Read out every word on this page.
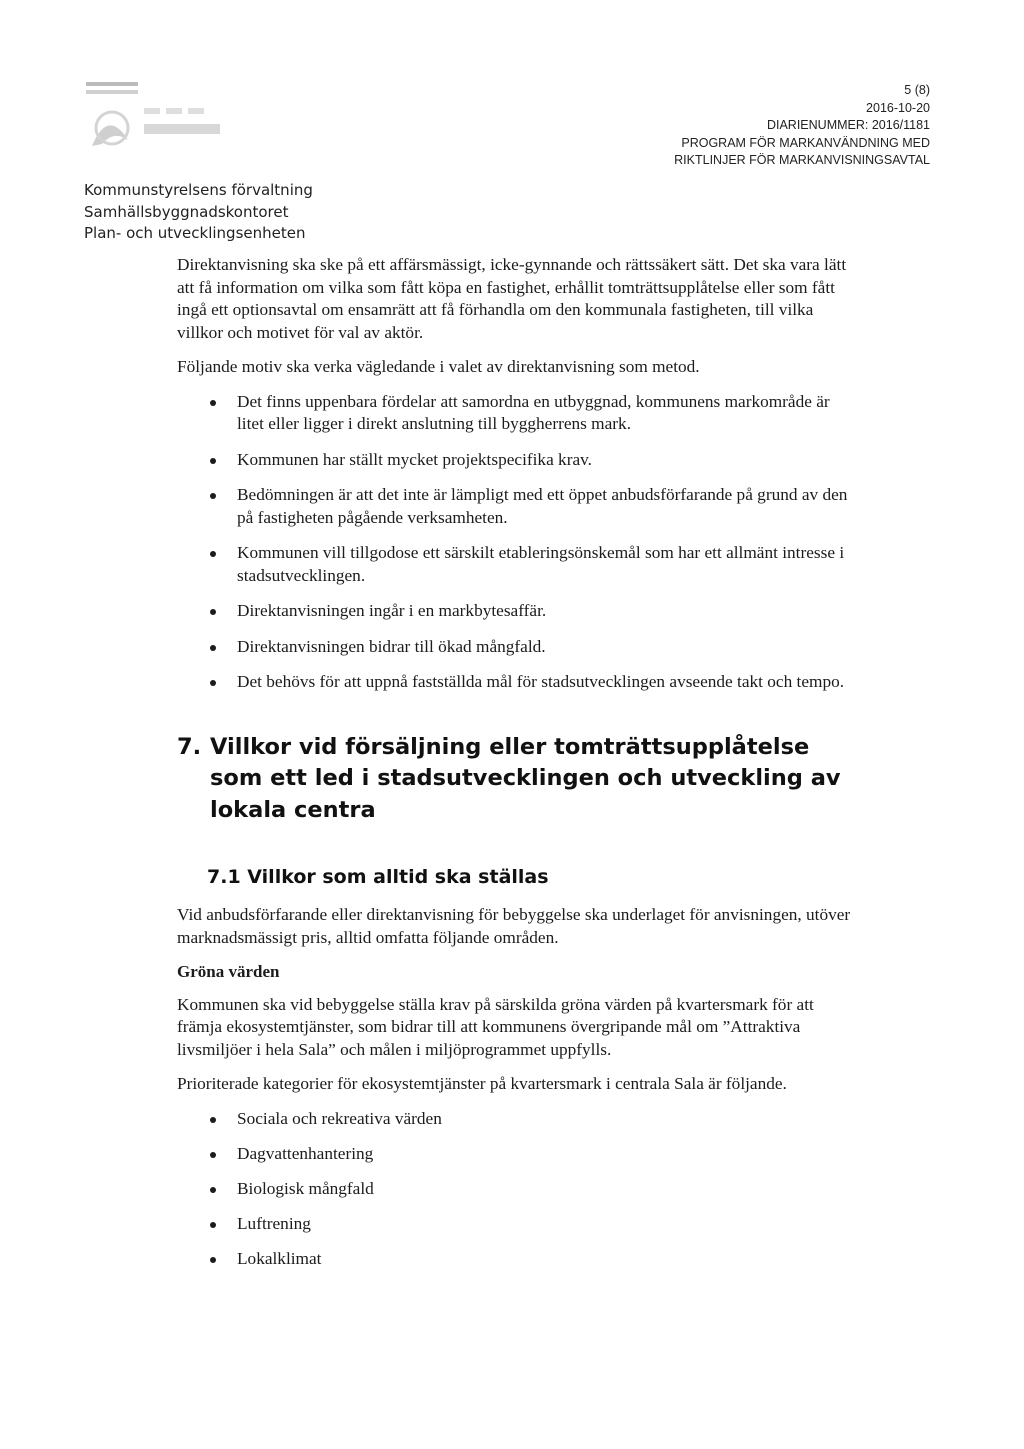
5 (8)
2016-10-20
DIARIENUMMER: 2016/1181
PROGRAM FÖR MARKANVÄNDNING MED
RIKTLINJER FÖR MARKANVISNINGSAVTAL
Kommunstyrelsens förvaltning
Samhällsbyggnadskontoret
Plan- och utvecklingsenheten

Direktanvisning ska ske på ett affärsmässigt, icke-gynnande och rättssäkert sätt. Det ska vara lätt att få information om vilka som fått köpa en fastighet, erhållit tomträttsupplåtelse eller som fått ingå ett optionsavtal om ensamrätt att få förhandla om den kommunala fastigheten, till vilka villkor och motivet för val av aktör.

Följande motiv ska verka vägledande i valet av direktanvisning som metod.

Det finns uppenbara fördelar att samordna en utbyggnad, kommunens markområde är litet eller ligger i direkt anslutning till byggherrens mark.
Kommunen har ställt mycket projektspecifika krav.
Bedömningen är att det inte är lämpligt med ett öppet anbudsförfarande på grund av den på fastigheten pågående verksamheten.
Kommunen vill tillgodose ett särskilt etableringsönskemål som har ett allmänt intresse i stadsutvecklingen.
Direktanvisningen ingår i en markbytesaffär.
Direktanvisningen bidrar till ökad mångfald.
Det behövs för att uppnå fastställda mål för stadsutvecklingen avseende takt och tempo.
7. Villkor vid försäljning eller tomträttsupplåtelse som ett led i stadsutvecklingen och utveckling av lokala centra
7.1 Villkor som alltid ska ställas

Vid anbudsförfarande eller direktanvisning för bebyggelse ska underlaget för anvisningen, utöver marknadsmässigt pris, alltid omfatta följande områden.

Gröna värden

Kommunen ska vid bebyggelse ställa krav på särskilda gröna värden på kvartersmark för att främja ekosystemtjänster, som bidrar till att kommunens övergripande mål om ”Attraktiva livsmiljöer i hela Sala” och målen i miljöprogrammet uppfylls.

Prioriterade kategorier för ekosystemtjänster på kvartersmark i centrala Sala är följande.

Sociala och rekreativa värden
Dagvattenhantering
Biologisk mångfald
Luftrening
Lokalklimat
